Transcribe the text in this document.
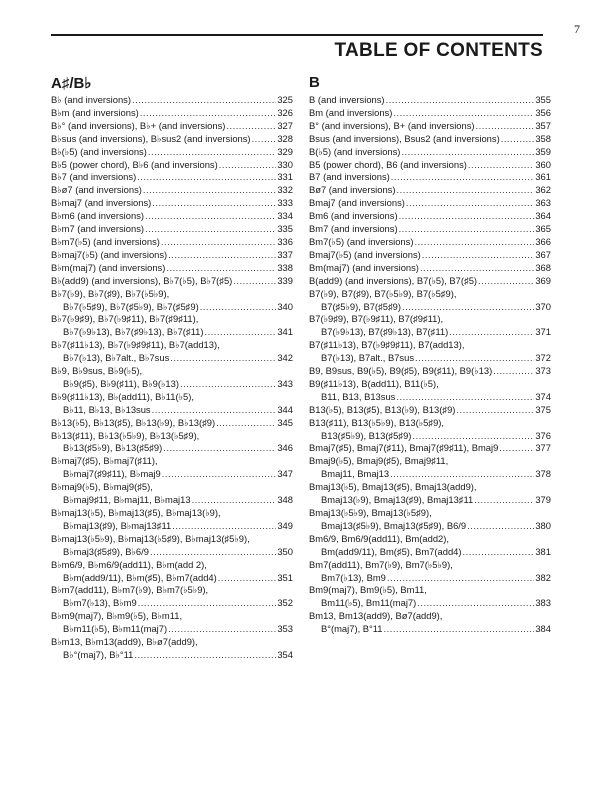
7
TABLE OF CONTENTS
A♯/B♭
B♭ (and inversions) .....	325
B♭m (and inversions) .....	326
B♭° (and inversions), B♭+ (and inversions) .....	327
B♭sus (and inversions), B♭sus2 (and inversions) .....	328
B♭(♭5) (and inversions) .....	329
B♭5 (power chord), B♭6 (and inversions) .....	330
B♭7 (and inversions) .....	331
B♭ø7 (and inversions) .....	332
B♭maj7 (and inversions) .....	333
B♭m6 (and inversions) .....	334
B♭m7 (and inversions) .....	335
B♭m7(♭5) (and inversions) .....	336
B♭maj7(♭5) (and inversions) .....	337
B♭m(maj7) (and inversions) .....	338
B♭(add9) (and inversions), B♭7(♭5), B♭7(♯5) .....	339
B♭7(♭9), B♭7(♯9), B♭7(♭5♭9),
B♭7(♭5♯9), B♭7(♯5♭9), B♭7(♯5♯9) .....	340
B♭7(♭9♯9), B♭7(♭9♯11), B♭7(♯9♯11),
B♭7(♭9♭13), B♭7(♯9♭13), B♭7(♯11) .....	341
B♭7(♯11♭13), B♭7(♭9♯9♯11), B♭7(add13),
B♭7(♭13), B♭7alt., B♭7sus .....	342
B♭9, B♭9sus, B♭9(♭5),
B♭9(♯5), B♭9(♯11), B♭9(♭13) .....	343
B♭9(♯11♭13), B♭(add11), B♭11(♭5),
B♭11, B♭13, B♭13sus .....	344
B♭13(♭5), B♭13(♯5), B♭13(♭9), B♭13(♯9) .....	345
B♭13(♯11), B♭13(♭5♭9), B♭13(♭5♯9),
B♭13(♯5♭9), B♭13(♯5♯9) .....	346
B♭maj7(♯5), B♭maj7(♯11),
B♭maj7(♯9♯11), B♭maj9 .....	347
B♭maj9(♭5), B♭maj9(♯5),
B♭maj9♯11, B♭maj11, B♭maj13 .....	348
B♭maj13(♭5), B♭maj13(♯5), B♭maj13(♭9),
B♭maj13(♯9), B♭maj13♯11 .....	349
B♭maj13(♭5♭9), B♭maj13(♭5♯9), B♭maj13(♯5♭9),
B♭maj3(♯5♯9), B♭6/9 .....	350
B♭m6/9, B♭m6/9(add11), B♭m(add 2),
B♭m(add9/11), B♭m(♯5), B♭m7(add4) .....	351
B♭m7(add11), B♭m7(♭9), B♭m7(♭5♭9),
B♭m7(♭13), B♭m9 .....	352
B♭m9(maj7), B♭m9(♭5), B♭m11,
B♭m11(♭5), B♭m11(maj7) .....	353
B♭m13, B♭m13(add9), B♭ø7(add9),
B♭°(maj7), B♭°11 .....	354
B
B (and inversions) .....	355
Bm (and inversions) .....	356
B° (and inversions), B+ (and inversions) .....	357
Bsus (and inversions), Bsus2 (and inversions) .....	358
B(♭5) (and inversions) .....	359
B5 (power chord), B6 (and inversions) .....	360
B7 (and inversions) .....	361
Bø7 (and inversions) .....	362
Bmaj7 (and inversions) .....	363
Bm6 (and inversions) .....	364
Bm7 (and inversions) .....	365
Bm7(♭5) (and inversions) .....	366
Bmaj7(♭5) (and inversions) .....	367
Bm(maj7) (and inversions) .....	368
B(add9) (and inversions), B7(♭5), B7(♯5) .....	369
B7(♭9), B7(♯9), B7(♭5♭9), B7(♭5♯9),
B7(♯5♭9), B7(♯5♯9) .....	370
B7(♭9♯9), B7(♭9♯11), B7(♯9♯11),
B7(♭9♭13), B7(♯9♭13), B7(♯11) .....	371
B7(♯11♭13), B7(♭9♯9♯11), B7(add13),
B7(♭13), B7alt., B7sus .....	372
B9, B9sus, B9(♭5), B9(♯5), B9(♯11), B9(♭13) .....	373
B9(♯11♭13), B(add11), B11(♭5),
B11, B13, B13sus .....	374
B13(♭5), B13(♯5), B13(♭9), B13(♯9) .....	375
B13(♯11), B13(♭5♭9), B13(♭5♯9),
B13(♯5♭9), B13(♯5♯9) .....	376
Bmaj7(♯5), Bmaj7(♯11), Bmaj7(♯9♯11), Bmaj9 .....	377
Bmaj9(♭5), Bmaj9(♯5), Bmaj9♯11,
Bmaj11, Bmaj13 .....	378
Bmaj13(♭5), Bmaj13(♯5), Bmaj13(add9),
Bmaj13(♭9), Bmaj13(♯9), Bmaj13♯11 .....	379
Bmaj13(♭5♭9), Bmaj13(♭5♯9),
Bmaj13(♯5♭9), Bmaj13(♯5♯9), B6/9 .....	380
Bm6/9, Bm6/9(add11), Bm(add2),
Bm(add9/11), Bm(♯5), Bm7(add4) .....	381
Bm7(add11), Bm7(♭9), Bm7(♭5♭9),
Bm7(♭13), Bm9 .....	382
Bm9(maj7), Bm9(♭5), Bm11,
Bm11(♭5), Bm11(maj7) .....	383
Bm13, Bm13(add9), Bø7(add9),
B°(maj7), B°11 .....	384
